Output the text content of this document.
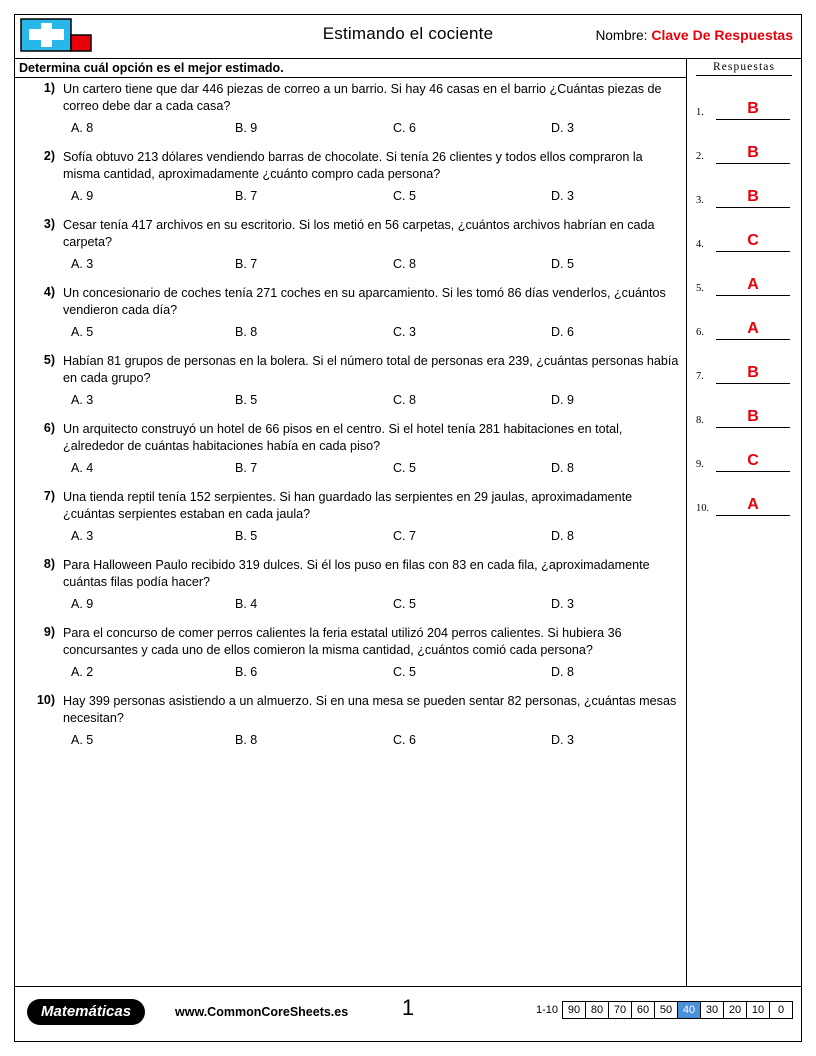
Estimando el cociente	Nombre: Clave De Respuestas
Determina cuál opción es el mejor estimado.
1) Un cartero tiene que dar 446 piezas de correo a un barrio. Si hay 46 casas en el barrio ¿Cuántas piezas de correo debe dar a cada casa?
A. 8	B. 9	C. 6	D. 3
2) Sofía obtuvo 213 dólares vendiendo barras de chocolate. Si tenía 26 clientes y todos ellos compraron la misma cantidad, aproximadamente ¿cuánto compro cada persona?
A. 9	B. 7	C. 5	D. 3
3) Cesar tenía 417 archivos en su escritorio. Si los metió en 56 carpetas, ¿cuántos archivos habrían en cada carpeta?
A. 3	B. 7	C. 8	D. 5
4) Un concesionario de coches tenía 271 coches en su aparcamiento. Si les tomó 86 días venderlos, ¿cuántos vendieron cada día?
A. 5	B. 8	C. 3	D. 6
5) Habían 81 grupos de personas en la bolera. Si el número total de personas era 239, ¿cuántas personas había en cada grupo?
A. 3	B. 5	C. 8	D. 9
6) Un arquitecto construyó un hotel de 66 pisos en el centro. Si el hotel tenía 281 habitaciones en total, ¿alrededor de cuántas habitaciones había en cada piso?
A. 4	B. 7	C. 5	D. 8
7) Una tienda reptil tenía 152 serpientes. Si han guardado las serpientes en 29 jaulas, aproximadamente ¿cuántas serpientes estaban en cada jaula?
A. 3	B. 5	C. 7	D. 8
8) Para Halloween Paulo recibido 319 dulces. Si él los puso en filas con 83 en cada fila, ¿aproximadamente cuántas filas podía hacer?
A. 9	B. 4	C. 5	D. 3
9) Para el concurso de comer perros calientes la feria estatal utilizó 204 perros calientes. Si hubiera 36 concursantes y cada uno de ellos comieron la misma cantidad, ¿cuántos comió cada persona?
A. 2	B. 6	C. 5	D. 8
10) Hay 399 personas asistiendo a un almuerzo. Si en una mesa se pueden sentar 82 personas, ¿cuántas mesas necesitan?
A. 5	B. 8	C. 6	D. 3
Respuestas
1.	B
2.	B
3.	B
4.	C
5.	A
6.	A
7.	B
8.	B
9.	C
10.	A
Matemáticas	www.CommonCoreSheets.es	1	1-10 90 80 70 60 50 40 30 20 10	0
